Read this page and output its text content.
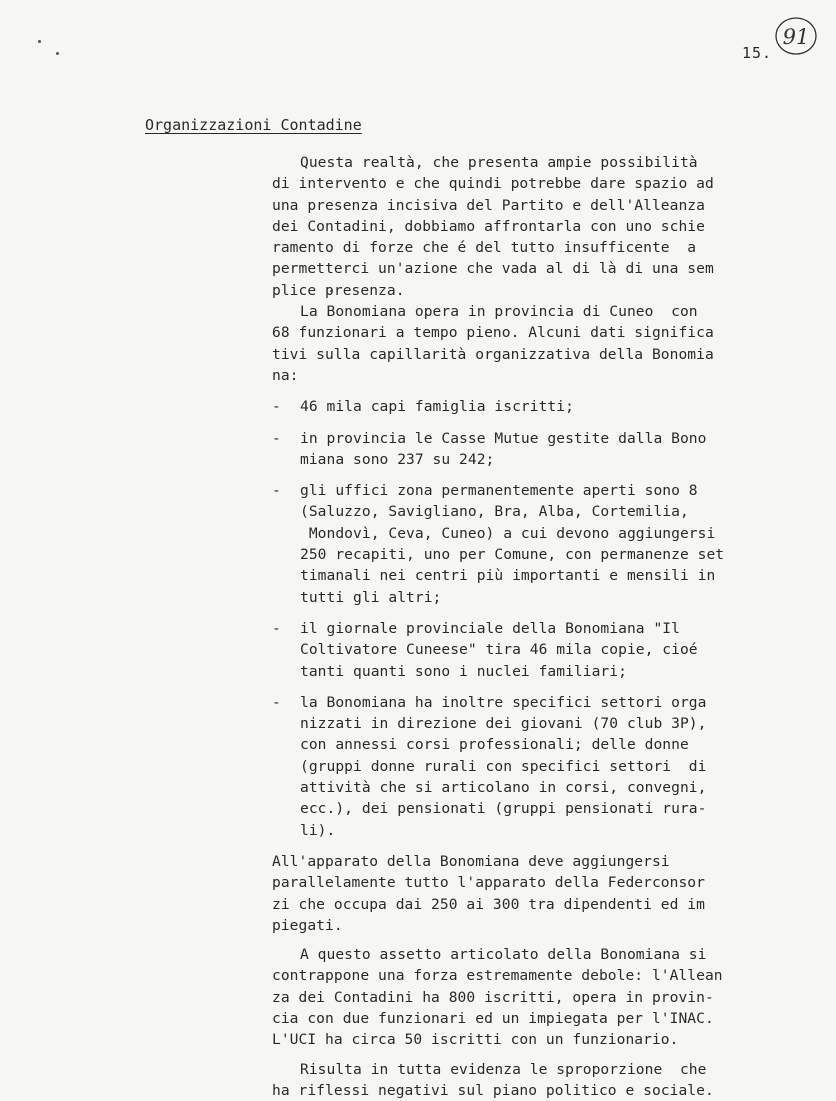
91
15.
Organizzazioni Contadine
Questa realtà, che presenta ampie possibilità
di intervento e che quindi potrebbe dare spazio ad
una presenza incisiva del Partito e dell'Alleanza
dei Contadini, dobbiamo affrontarla con uno schie
ramento di forze che é del tutto insufficente  a
permetterci un'azione che vada al di là di una sem
plice presenza.
La Bonomiana opera in provincia di Cuneo  con
68 funzionari a tempo pieno. Alcuni dati significa
tivi sulla capillarità organizzativa della Bonomia
na:
- 46 mila capi famiglia iscritti;
- in provincia le Casse Mutue gestite dalla Bono
miana sono 237 su 242;
- gli uffici zona permanentemente aperti sono 8
(Saluzzo, Savigliano, Bra, Alba, Cortemilia,
Mondovì, Ceva, Cuneo) a cui devono aggiungersi
250 recapiti, uno per Comune, con permanenze set
timanali nei centri più importanti e mensili in
tutti gli altri;
- il giornale provinciale della Bonomiana "Il
Coltivatore Cuneese" tira 46 mila copie, cioé
tanti quanti sono i nuclei familiari;
- la Bonomiana ha inoltre specifici settori orga
nizzati in direzione dei giovani (70 club 3P),
con annessi corsi professionali; delle donne
(gruppi donne rurali con specifici settori  di
attività che si articolano in corsi, convegni,
ecc.), dei pensionati (gruppi pensionati rura-
li).
All'apparato della Bonomiana deve aggiungersi
parallelamente tutto l'apparato della Federconsor
zi che occupa dai 250 ai 300 tra dipendenti ed im
piegati.
A questo assetto articolato della Bonomiana si
contrappone una forza estremamente debole: l'Allean
za dei Contadini ha 800 iscritti, opera in provin-
cia con due funzionari ed un impiegata per l'INAC.
L'UCI ha circa 50 iscritti con un funzionario.
Risulta in tutta evidenza le sproporzione  che
ha riflessi negativi sul piano politico e sociale.
